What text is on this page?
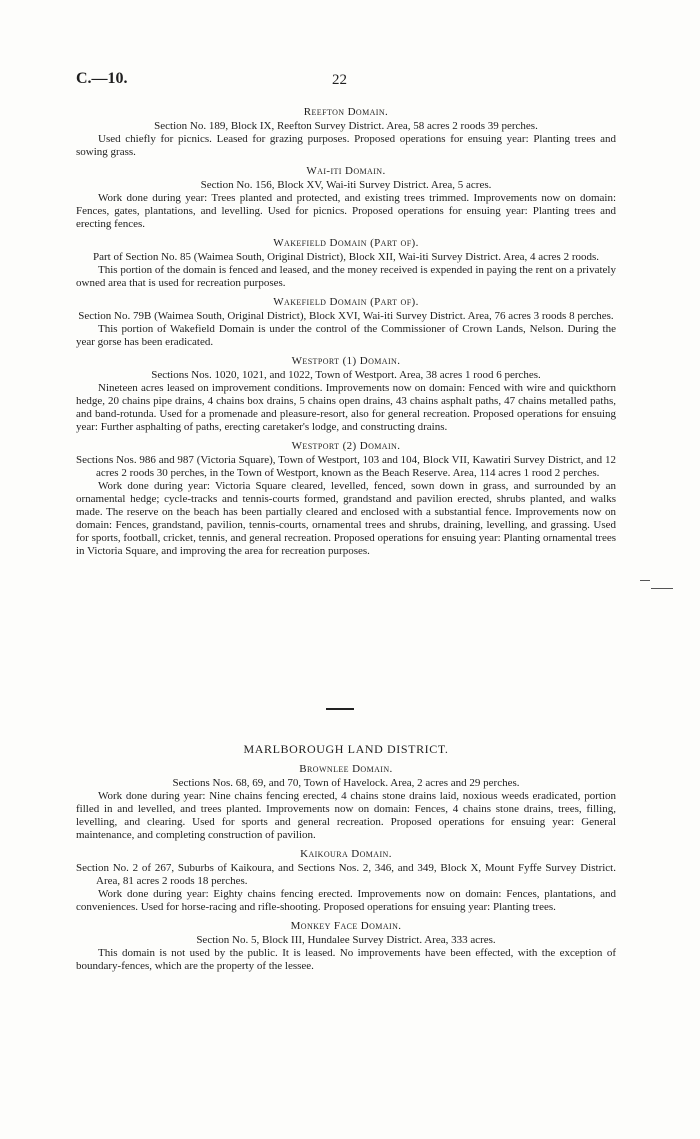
C.—10.	22
Reefton Domain.

Section No. 189, Block IX, Reefton Survey District. Area, 58 acres 2 roods 39 perches.

Used chiefly for picnics. Leased for grazing purposes. Proposed operations for ensuing year: Planting trees and sowing grass.

Wai-iti Domain.

Section No. 156, Block XV, Wai-iti Survey District. Area, 5 acres.

Work done during year: Trees planted and protected, and existing trees trimmed. Improvements now on domain: Fences, gates, plantations, and levelling. Used for picnics. Proposed operations for ensuing year: Planting trees and erecting fences.

Wakefield Domain (Part of).

Part of Section No. 85 (Waimea South, Original District), Block XII, Wai-iti Survey District. Area, 4 acres 2 roods.

This portion of the domain is fenced and leased, and the money received is expended in paying the rent on a privately owned area that is used for recreation purposes.

Wakefield Domain (Part of).

Section No. 79B (Waimea South, Original District), Block XVI, Wai-iti Survey District. Area, 76 acres 3 roods 8 perches.

This portion of Wakefield Domain is under the control of the Commissioner of Crown Lands, Nelson. During the year gorse has been eradicated.

Westport (1) Domain.

Sections Nos. 1020, 1021, and 1022, Town of Westport. Area, 38 acres 1 rood 6 perches.

Nineteen acres leased on improvement conditions. Improvements now on domain: Fenced with wire and quickthorn hedge, 20 chains pipe drains, 4 chains box drains, 5 chains open drains, 43 chains asphalt paths, 47 chains metalled paths, and band-rotunda. Used for a promenade and pleasure-resort, also for general recreation. Proposed operations for ensuing year: Further asphalting of paths, erecting caretaker's lodge, and constructing drains.

Westport (2) Domain.

Sections Nos. 986 and 987 (Victoria Square), Town of Westport, 103 and 104, Block VII, Kawatiri Survey District, and 12 acres 2 roods 30 perches, in the Town of Westport, known as the Beach Reserve. Area, 114 acres 1 rood 2 perches.

Work done during year: Victoria Square cleared, levelled, fenced, sown down in grass, and surrounded by an ornamental hedge; cycle-tracks and tennis-courts formed, grandstand and pavilion erected, shrubs planted, and walks made. The reserve on the beach has been partially cleared and enclosed with a substantial fence. Improvements now on domain: Fences, grandstand, pavilion, tennis-courts, ornamental trees and shrubs, draining, levelling, and grassing. Used for sports, football, cricket, tennis, and general recreation. Proposed operations for ensuing year: Planting ornamental trees in Victoria Square, and improving the area for recreation purposes.

MARLBOROUGH LAND DISTRICT.
Brownlee Domain.

Sections Nos. 68, 69, and 70, Town of Havelock. Area, 2 acres and 29 perches.

Work done during year: Nine chains fencing erected, 4 chains stone drains laid, noxious weeds eradicated, portion filled in and levelled, and trees planted. Improvements now on domain: Fences, 4 chains stone drains, trees, filling, levelling, and clearing. Used for sports and general recreation. Proposed operations for ensuing year: General maintenance, and completing construction of pavilion.

Kaikoura Domain.

Section No. 2 of 267, Suburbs of Kaikoura, and Sections Nos. 2, 346, and 349, Block X, Mount Fyffe Survey District. Area, 81 acres 2 roods 18 perches.

Work done during year: Eighty chains fencing erected. Improvements now on domain: Fences, plantations, and conveniences. Used for horse-racing and rifle-shooting. Proposed operations for ensuing year: Planting trees.

Monkey Face Domain.

Section No. 5, Block III, Hundalee Survey District. Area, 333 acres.

This domain is not used by the public. It is leased. No improvements have been effected, with the exception of boundary-fences, which are the property of the lessee.
